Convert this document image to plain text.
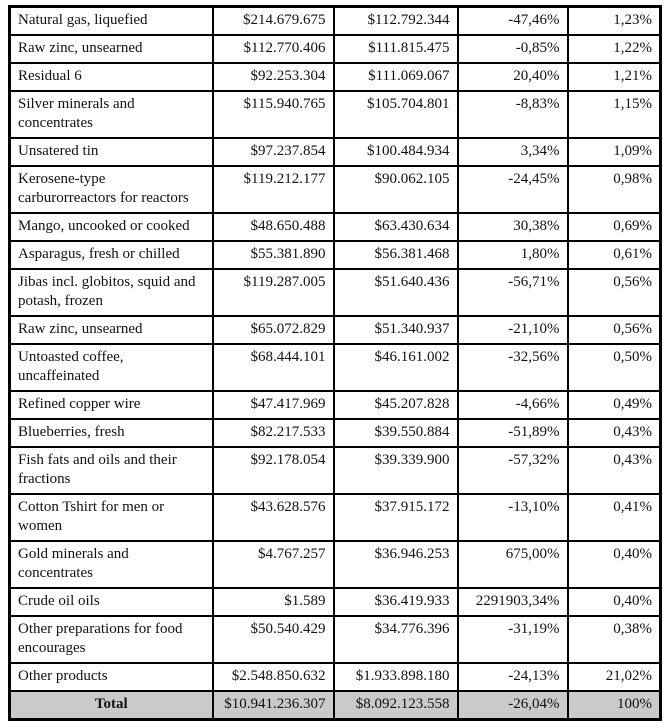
Natural gas, liquefied	$214.679.675	$112.792.344	-47,46%	1,23%
Raw zinc, unsearned	$112.770.406	$111.815.475	-0,85%	1,22%
Residual 6	$92.253.304	$111.069.067	20,40%	1,21%
Silver minerals and concentrates	$115.940.765	$105.704.801	-8,83%	1,15%
Unsatered tin	$97.237.854	$100.484.934	3,34%	1,09%
Kerosene-type carburorreactors for reactors	$119.212.177	$90.062.105	-24,45%	0,98%
Mango, uncooked or cooked	$48.650.488	$63.430.634	30,38%	0,69%
Asparagus, fresh or chilled	$55.381.890	$56.381.468	1,80%	0,61%
Jibas incl. globitos, squid and potash, frozen	$119.287.005	$51.640.436	-56,71%	0,56%
Raw zinc, unsearned	$65.072.829	$51.340.937	-21,10%	0,56%
Untoasted coffee, uncaffeinated	$68.444.101	$46.161.002	-32,56%	0,50%
Refined copper wire	$47.417.969	$45.207.828	-4,66%	0,49%
Blueberries, fresh	$82.217.533	$39.550.884	-51,89%	0,43%
Fish fats and oils and their fractions	$92.178.054	$39.339.900	-57,32%	0,43%
Cotton Tshirt for men or women	$43.628.576	$37.915.172	-13,10%	0,41%
Gold minerals and concentrates	$4.767.257	$36.946.253	675,00%	0,40%
Crude oil oils	$1.589	$36.419.933	2291903,34%	0,40%
Other preparations for food encourages	$50.540.429	$34.776.396	-31,19%	0,38%
Other products	$2.548.850.632	$1.933.898.180	-24,13%	21,02%
Total	$10.941.236.307	$8.092.123.558	-26,04%	100%
